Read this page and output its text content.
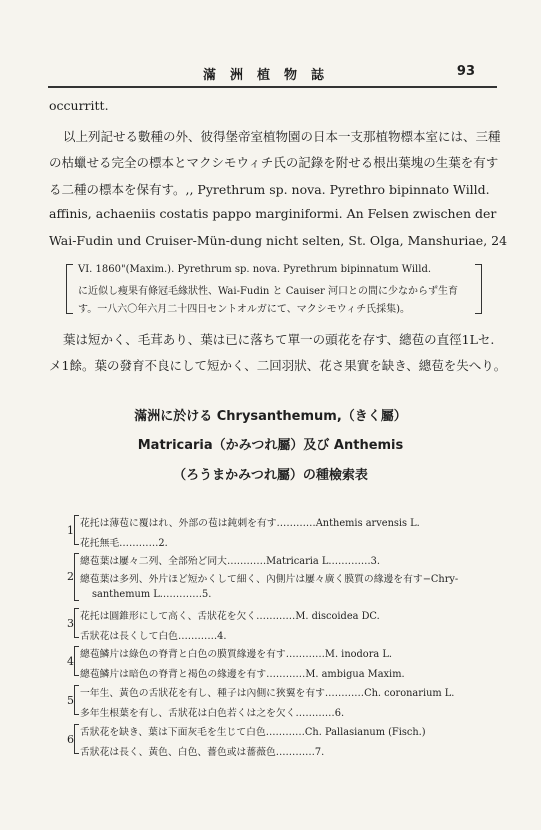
滿洲植物誌	93
occurritt.
以上列記せる數種の外、彼得堡帝室植物園の日本一支那植物標本室には、三種
の枯蠟せる完全の標本とマクシモウィチ氏の記錄を附せる根出葉塊の生葉を有す
る二種の標本を保有す。,, Pyrethrum sp. nova. Pyrethro bipinnato Willd.
affinis, achaeniis costatis pappo marginiformi. An Felsen zwischen der
Wai-Fudin und Cruiser-Mün-dung nicht selten, St. Olga, Manshuriae, 24
VI. 1860"(Maxim.). Pyrethrum sp. nova. Pyrethrum bipinnatum Willd.
に近似し痩果有條冠毛緣狀性、Wai-Fudin と Cauiser 河口との間に少なからず生育
す。一八六〇年六月二十四日セントオルガにて、マクシモウィチ氏採集)。
葉は短かく、毛茸あり、葉は已に落ちて單一の頭花を存す、總苞の直徑1Lセ.
メ1餘。葉の發育不良にして短かく、二回羽狀、花さ果實を缺き、總苞を失へり。
滿洲に於ける Chrysanthemum,（きく屬）
Matricaria（かみつれ屬）及び Anthemis
（ろうまかみつれ屬）の種檢索表
1
花托は薄苞に覆はれ、外部の苞は鈍刺を有す…………Anthemis arvensis L.
花托無毛…………2.
2
總苞葉は屢々二列、全部殆ど同大…………Matricaria L.…………3.
總苞葉は多列、外片ほど短かくして細く、內側片は屢々廣く膜質の緣邊を有す−Chry-
santhemum L.…………5.
3
花托は圓錐形にして高く、舌狀花を欠く…………M. discoidea DC.
舌狀花は長くして白色…………4.
4
總苞鱗片は綠色の脊背と白色の膜質緣邊を有す…………M. inodora L.
總苞鱗片は暗色の脊背と褐色の緣邊を有す…………M. ambigua Maxim.
5
一年生、黃色の舌狀花を有し、種子は內側に狹翼を有す…………Ch. coronarium L.
多年生根葉を有し、舌狀花は白色若くは之を欠く…………6.
6
舌狀花を缺き、葉は下面灰毛を生じて白色…………Ch. Pallasianum (Fisch.)
舌狀花は長く、黃色、白色、薔色或は薔薇色…………7.
